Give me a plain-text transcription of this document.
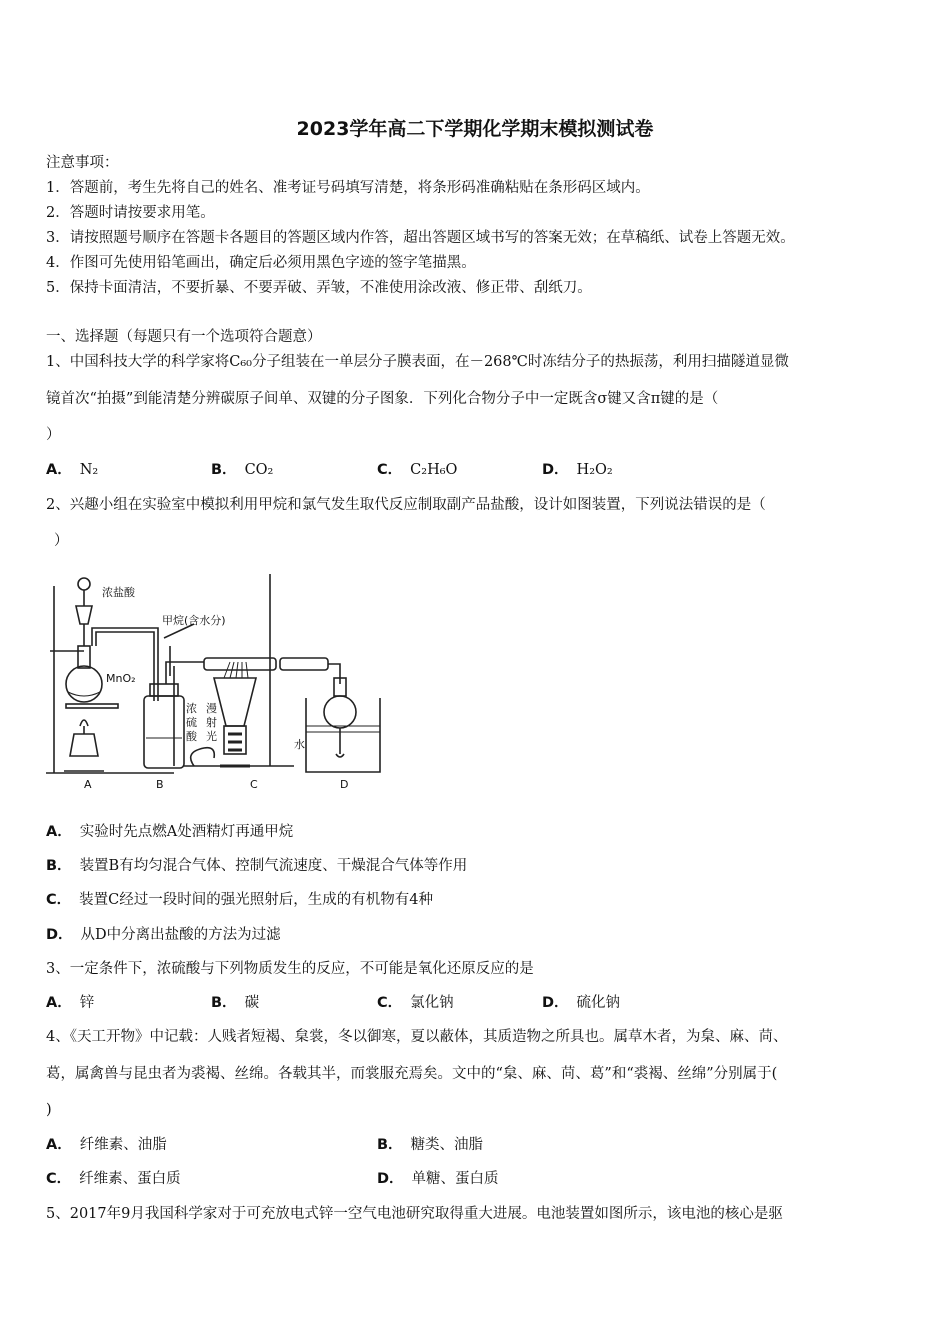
2023学年高二下学期化学期末模拟测试卷
注意事项：
1．答题前，考生先将自己的姓名、准考证号码填写清楚，将条形码准确粘贴在条形码区域内。
2．答题时请按要求用笔。
3．请按照题号顺序在答题卡各题目的答题区域内作答，超出答题区域书写的答案无效；在草稿纸、试卷上答题无效。
4．作图可先使用铅笔画出，确定后必须用黑色字迹的签字笔描黑。
5．保持卡面清洁，不要折暴、不要弄破、弄皱，不准使用涂改液、修正带、刮纸刀。
一、选择题（每题只有一个选项符合题意）
1、中国科技大学的科学家将C₆₀分子组装在一单层分子膜表面，在－268℃时冻结分子的热振荡，利用扫描隧道显微
镜首次“拍摄”到能清楚分辨碳原子间单、双键的分子图象．下列化合物分子中一定既含σ键又含π键的是（
）
A． N₂	B． CO₂	C． C₂H₆O	D． H₂O₂
2、兴趣小组在实验室中模拟利用甲烷和氯气发生取代反应制取副产品盐酸，设计如图装置，下列说法错误的是（
）
浓盐酸
甲烷(含水分)
MnO₂
浓
硫
酸
漫
射
光
水
A	B	C	D
A． 实验时先点燃A处酒精灯再通甲烷
B． 装置B有均匀混合气体、控制气流速度、干燥混合气体等作用
C． 装置C经过一段时间的强光照射后，生成的有机物有4种
D． 从D中分离出盐酸的方法为过滤
3、一定条件下，浓硫酸与下列物质发生的反应，不可能是氧化还原反应的是
A． 锌	B． 碳	C． 氯化钠	D． 硫化钠
4、《天工开物》中记载：人贱者短褐、枲裳，冬以御寒，夏以蔽体，其质造物之所具也。属草木者，为枲、麻、苘、
葛，属禽兽与昆虫者为裘褐、丝绵。各载其半，而裳服充焉矣。文中的“枲、麻、苘、葛”和“裘褐、丝绵”分别属于(
)
A． 纤维素、油脂	B． 糖类、油脂
C． 纤维素、蛋白质	D． 单糖、蛋白质
5、2017年9月我国科学家对于可充放电式锌一空气电池研究取得重大进展。电池装置如图所示，该电池的核心是驱
